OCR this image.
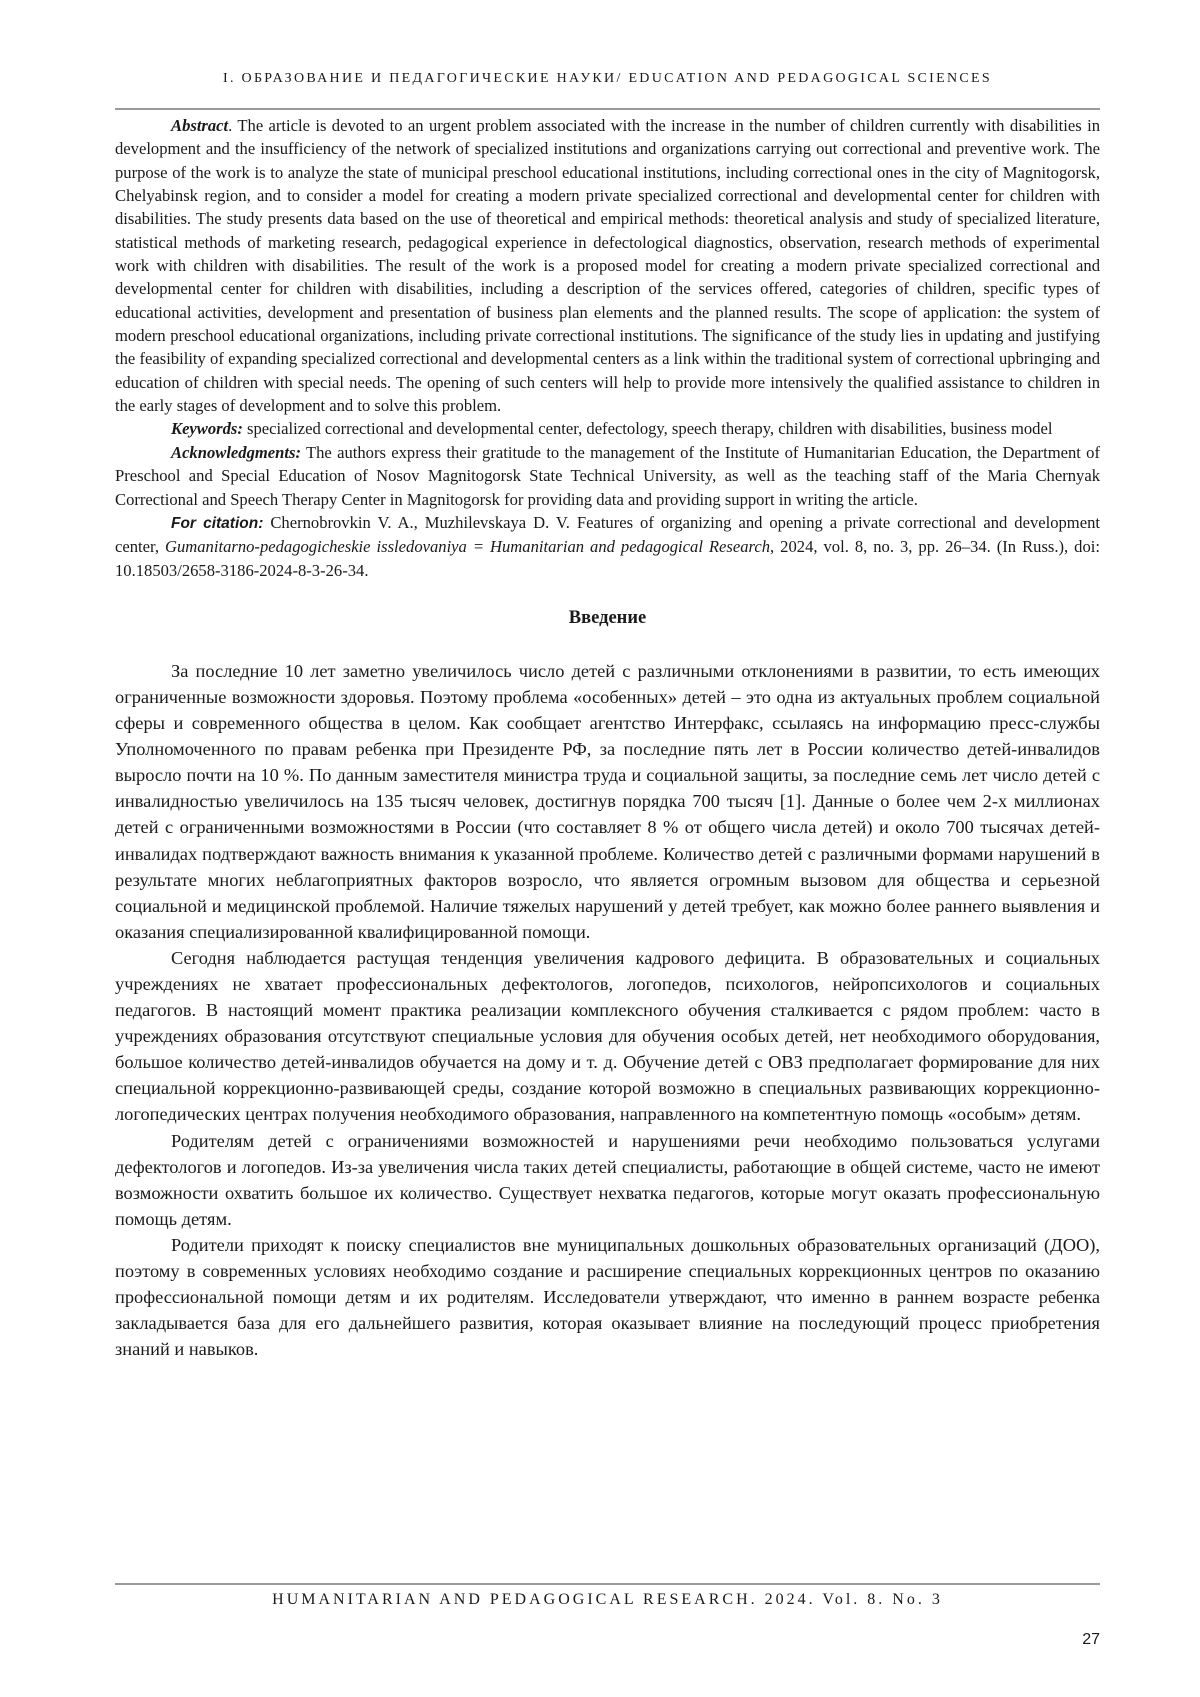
I. ОБРАЗОВАНИЕ И ПЕДАГОГИЧЕСКИЕ НАУКИ/ EDUCATION AND PEDAGOGICAL SCIENCES

Abstract. The article is devoted to an urgent problem associated with the increase in the number of children currently with disabilities in development and the insufficiency of the network of specialized institutions and organizations carrying out correctional and preventive work. The purpose of the work is to analyze the state of municipal preschool educational institutions, including correctional ones in the city of Magnitogorsk, Chelyabinsk region, and to consider a model for creating a modern private specialized correctional and developmental center for children with disabilities. The study presents data based on the use of theoretical and empirical methods: theoretical analysis and study of specialized literature, statistical methods of marketing research, pedagogical experience in defectological diagnostics, observation, research methods of experimental work with children with disabilities. The result of the work is a proposed model for creating a modern private specialized correctional and developmental center for children with disabilities, including a description of the services offered, categories of children, specific types of educational activities, development and presentation of business plan elements and the planned results. The scope of application: the system of modern preschool educational organizations, including private correctional institutions. The significance of the study lies in updating and justifying the feasibility of expanding specialized correctional and developmental centers as a link within the traditional system of correctional upbringing and education of children with special needs. The opening of such centers will help to provide more intensively the qualified assistance to children in the early stages of development and to solve this problem.

Keywords: specialized correctional and developmental center, defectology, speech therapy, children with disabilities, business model

Acknowledgments: The authors express their gratitude to the management of the Institute of Humanitarian Education, the Department of Preschool and Special Education of Nosov Magnitogorsk State Technical University, as well as the teaching staff of the Maria Chernyak Correctional and Speech Therapy Center in Magnitogorsk for providing data and providing support in writing the article.

For citation: Chernobrovkin V. A., Muzhilevskaya D. V. Features of organizing and opening a private correctional and development center, Gumanitarno-pedagogicheskie issledovaniya = Humanitarian and pedagogical Research, 2024, vol. 8, no. 3, pp. 26–34. (In Russ.), doi: 10.18503/2658-3186-2024-8-3-26-34.

Введение

За последние 10 лет заметно увеличилось число детей с различными отклонениями в развитии, то есть имеющих ограниченные возможности здоровья. Поэтому проблема «особенных» детей – это одна из актуальных проблем социальной сферы и современного общества в целом. Как сообщает агентство Интерфакс, ссылаясь на информацию пресс-службы Уполномоченного по правам ребенка при Президенте РФ, за последние пять лет в России количество детей-инвалидов выросло почти на 10 %. По данным заместителя министра труда и социальной защиты, за последние семь лет число детей с инвалидностью увеличилось на 135 тысяч человек, достигнув порядка 700 тысяч [1]. Данные о более чем 2-х миллионах детей с ограниченными возможностями в России (что составляет 8 % от общего числа детей) и около 700 тысячах детей-инвалидах подтверждают важность внимания к указанной проблеме. Количество детей с различными формами нарушений в результате многих неблагоприятных факторов возросло, что является огромным вызовом для общества и серьезной социальной и медицинской проблемой. Наличие тяжелых нарушений у детей требует, как можно более раннего выявления и оказания специализированной квалифицированной помощи.

Сегодня наблюдается растущая тенденция увеличения кадрового дефицита. В образовательных и социальных учреждениях не хватает профессиональных дефектологов, логопедов, психологов, нейропсихологов и социальных педагогов. В настоящий момент практика реализации комплексного обучения сталкивается с рядом проблем: часто в учреждениях образования отсутствуют специальные условия для обучения особых детей, нет необходимого оборудования, большое количество детей-инвалидов обучается на дому и т. д. Обучение детей с ОВЗ предполагает формирование для них специальной коррекционно-развивающей среды, создание которой возможно в специальных развивающих коррекционно-логопедических центрах получения необходимого образования, направленного на компетентную помощь «особым» детям.

Родителям детей с ограничениями возможностей и нарушениями речи необходимо пользоваться услугами дефектологов и логопедов. Из-за увеличения числа таких детей специалисты, работающие в общей системе, часто не имеют возможности охватить большое их количество. Существует нехватка педагогов, которые могут оказать профессиональную помощь детям.

Родители приходят к поиску специалистов вне муниципальных дошкольных образовательных организаций (ДОО), поэтому в современных условиях необходимо создание и расширение специальных коррекционных центров по оказанию профессиональной помощи детям и их родителям. Исследователи утверждают, что именно в раннем возрасте ребенка закладывается база для его дальнейшего развития, которая оказывает влияние на последующий процесс приобретения знаний и навыков.

HUMANITARIAN AND PEDAGOGICAL RESEARCH. 2024. Vol. 8. No. 3
27
